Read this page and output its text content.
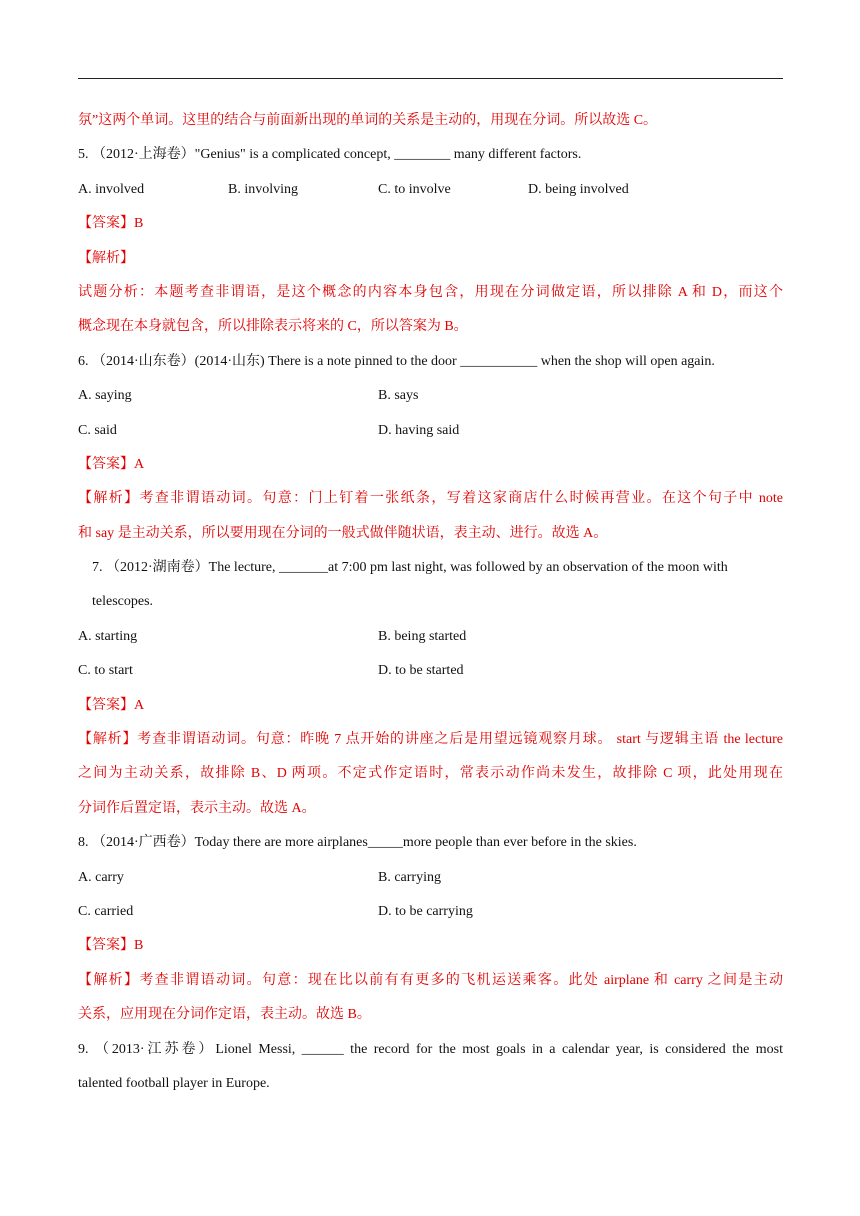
氛”这两个单词。这里的结合与前面新出现的单词的关系是主动的，用现在分词。所以故选 C。
5. （2012·上海卷）"Genius" is a complicated concept, ________ many different factors.
A. involved	B. involving	C. to involve	D. being involved
【答案】B
【解析】
试题分析：本题考查非谓语，是这个概念的内容本身包含，用现在分词做定语，所以排除 A 和 D，而这个
概念现在本身就包含，所以排除表示将来的 C，所以答案为 B。
6. （2014·山东卷）(2014·山东) There is a note pinned to the door ___________ when the shop will open again.
A. saying	B. says
C. said	D. having said
【答案】A
【解析】考查非谓语动词。句意：门上钉着一张纸条，写着这家商店什么时候再营业。在这个句子中 note
和 say 是主动关系，所以要用现在分词的一般式做伴随状语，表主动、进行。故选 A。
7. （2012·湖南卷）The lecture, _______at 7:00 pm last night, was followed by an observation of the moon with
telescopes.
A. starting	B. being started
C. to start	D. to be started
【答案】A
【解析】考查非谓语动词。句意：昨晚 7 点开始的讲座之后是用望远镜观察月球。 start 与逻辑主语 the lecture
之间为主动关系，故排除 B、D 两项。不定式作定语时，常表示动作尚未发生，故排除 C 项，此处用现在
分词作后置定语，表示主动。故选 A。
8. （2014·广西卷）Today there are more airplanes_____more people than ever before in the skies.
A. carry	B. carrying
C. carried	D. to be carrying
【答案】B
【解析】考查非谓语动词。句意：现在比以前有有更多的飞机运送乘客。此处 airplane 和 carry 之间是主动
关系，应用现在分词作定语，表主动。故选 B。
9. （2013·江苏卷）Lionel Messi, ______ the record for the most goals in a calendar year, is considered the most
talented football player in Europe.
